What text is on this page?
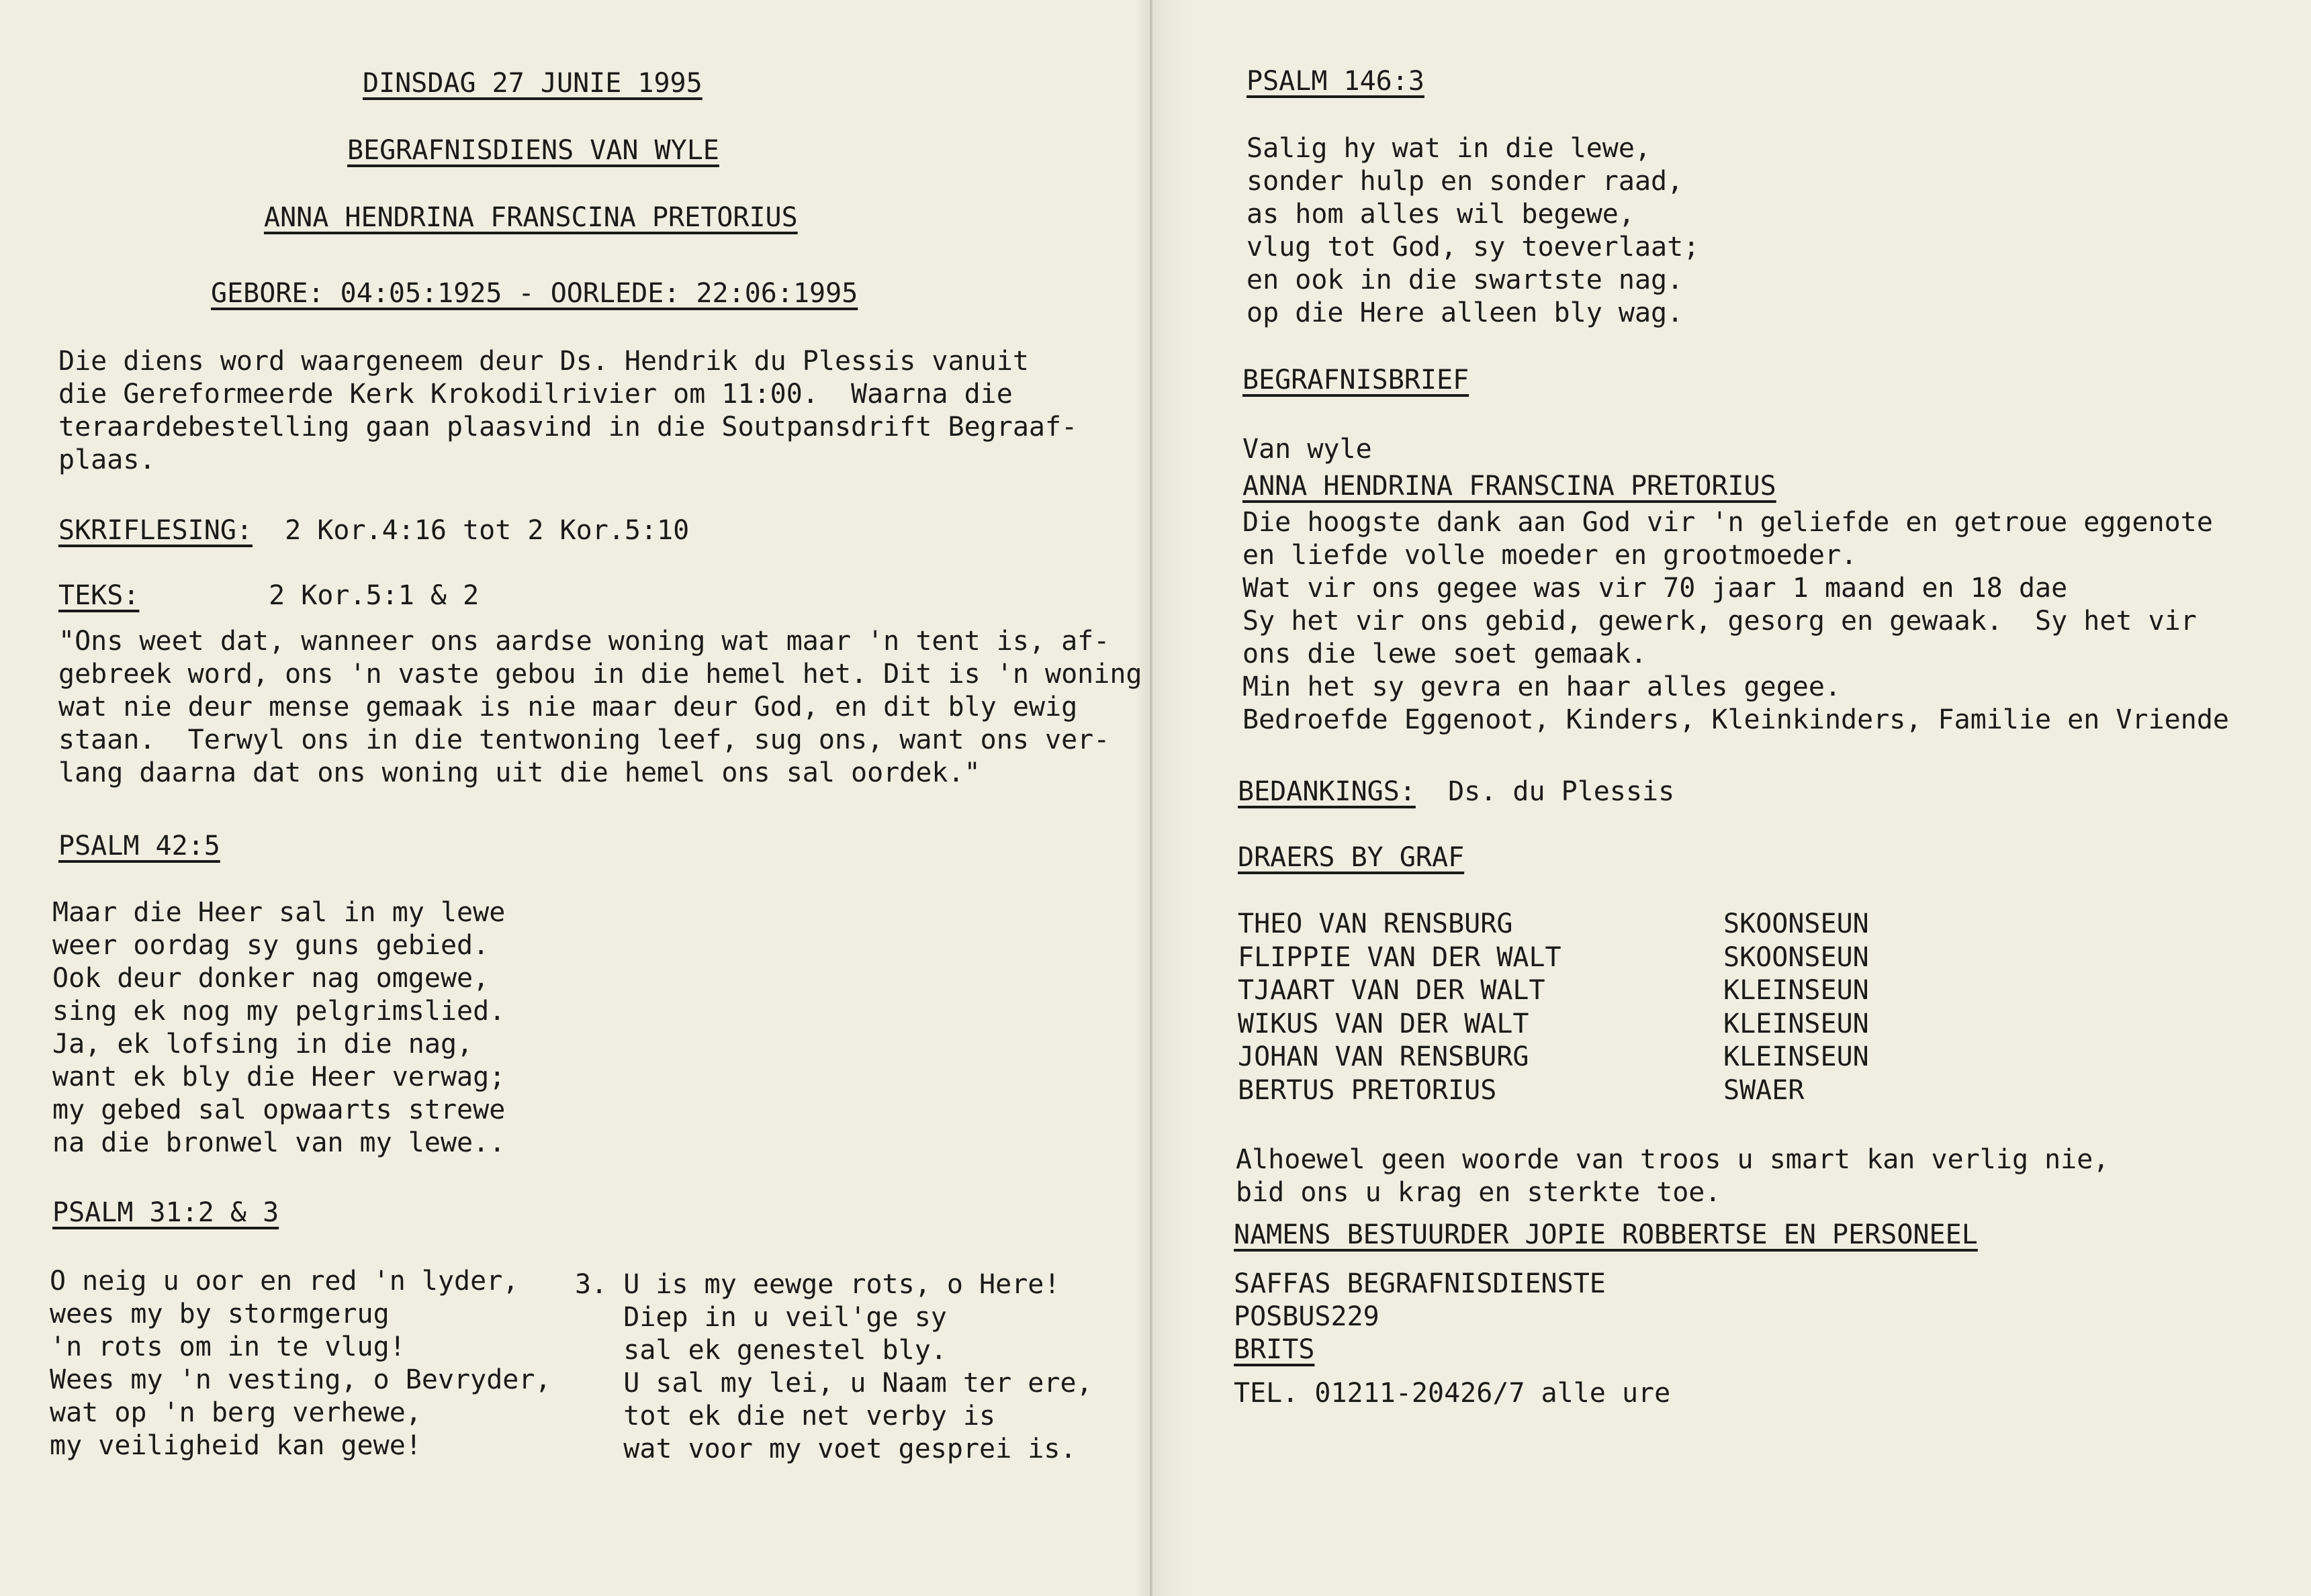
DINSDAG 27 JUNIE 1995
BEGRAFNISDIENS VAN WYLE
ANNA HENDRINA FRANSCINA PRETORIUS
GEBORE: 04:05:1925 - OORLEDE: 22:06:1995
Die diens word waargeneem deur Ds. Hendrik du Plessis vanuit
die Gereformeerde Kerk Krokodilrivier om 11:00.  Waarna die
teraardebestelling gaan plaasvind in die Soutpansdrift Begraaf-
plaas.
SKRIFLESING:  2 Kor.4:16 tot 2 Kor.5:10
TEKS:        2 Kor.5:1 & 2
"Ons weet dat, wanneer ons aardse woning wat maar 'n tent is, af-
gebreek word, ons 'n vaste gebou in die hemel het. Dit is 'n woning
wat nie deur mense gemaak is nie maar deur God, en dit bly ewig
staan.  Terwyl ons in die tentwoning leef, sug ons, want ons ver-
lang daarna dat ons woning uit die hemel ons sal oordek."
PSALM 42:5
Maar die Heer sal in my lewe
weer oordag sy guns gebied.
Ook deur donker nag omgewe,
sing ek nog my pelgrimslied.
Ja, ek lofsing in die nag,
want ek bly die Heer verwag;
my gebed sal opwaarts strewe
na die bronwel van my lewe..
PSALM 31:2 & 3
O neig u oor en red 'n lyder,
wees my by stormgerug
'n rots om in te vlug!
Wees my 'n vesting, o Bevryder,
wat op 'n berg verhewe,
my veiligheid kan gewe!
3. U is my eewge rots, o Here!
Diep in u veil'ge sy
sal ek genestel bly.
U sal my lei, u Naam ter ere,
tot ek die net verby is
wat voor my voet gesprei is.
PSALM 146:3
Salig hy wat in die lewe,
sonder hulp en sonder raad,
as hom alles wil begewe,
vlug tot God, sy toeverlaat;
en ook in die swartste nag.
op die Here alleen bly wag.
BEGRAFNISBRIEF
Van wyle
ANNA HENDRINA FRANSCINA PRETORIUS
Die hoogste dank aan God vir 'n geliefde en getroue eggenote
en liefde volle moeder en grootmoeder.
Wat vir ons gegee was vir 70 jaar 1 maand en 18 dae
Sy het vir ons gebid, gewerk, gesorg en gewaak.  Sy het vir
ons die lewe soet gemaak.
Min het sy gevra en haar alles gegee.
Bedroefde Eggenoot, Kinders, Kleinkinders, Familie en Vriende
BEDANKINGS:  Ds. du Plessis
DRAERS BY GRAF
THEO VAN RENSBURG	SKOONSEUN
FLIPPIE VAN DER WALT	SKOONSEUN
TJAART VAN DER WALT	KLEINSEUN
WIKUS VAN DER WALT	KLEINSEUN
JOHAN VAN RENSBURG	KLEINSEUN
BERTUS PRETORIUS	SWAER
Alhoewel geen woorde van troos u smart kan verlig nie,
bid ons u krag en sterkte toe.
NAMENS BESTUURDER JOPIE ROBBERTSE EN PERSONEEL
SAFFAS BEGRAFNISDIENSTE
POSBUS229
BRITS
TEL. 01211-20426/7 alle ure
